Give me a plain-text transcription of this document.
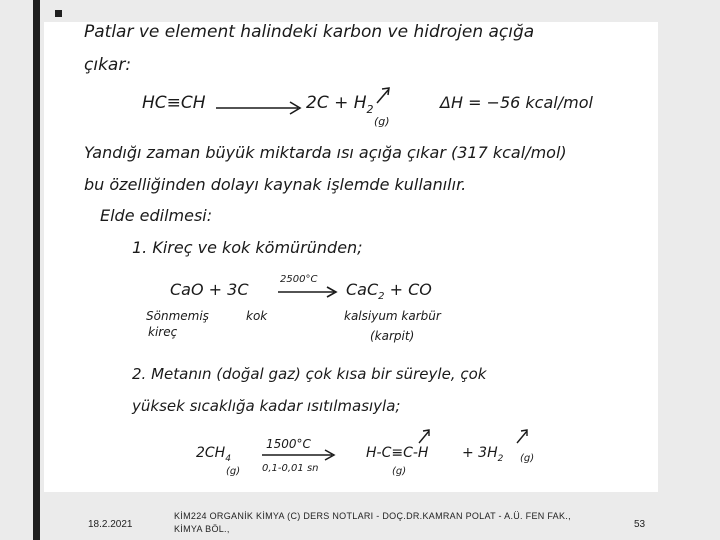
Patlar ve element halindeki karbon ve hidrojen açığa
çıkar:
HC≡CH	$2C + H_2$
(g)
ΔH = −56 kcal/mol
Yandığı zaman büyük miktarda ısı açığa çıkar (317 kcal/mol)
bu özelliğinden dolayı kaynak işlemde kullanılır.
Elde edilmesi:
1. Kireç ve kok kömüründen;
CaO + 3C
2500°C
CaC$_2$ + CO
Sönmemiş
kireç
kok	kalsiyum karbür
(karpit)
2. Metanın (doğal gaz) çok kısa bir süreyle, çok
yüksek sıcaklığa kadar ısıtılmasıyla;
$2CH_4$
(g)
1500°C
0,1-0,01 sn
H-C≡C-H
(g)
+ $3H_2$ (g)
18.2.2021
KİM224 ORGANİK KİMYA (C) DERS NOTLARI - DOÇ.DR.KAMRAN POLAT - A.Ü. FEN FAK., KİMYA BÖL.,	53
